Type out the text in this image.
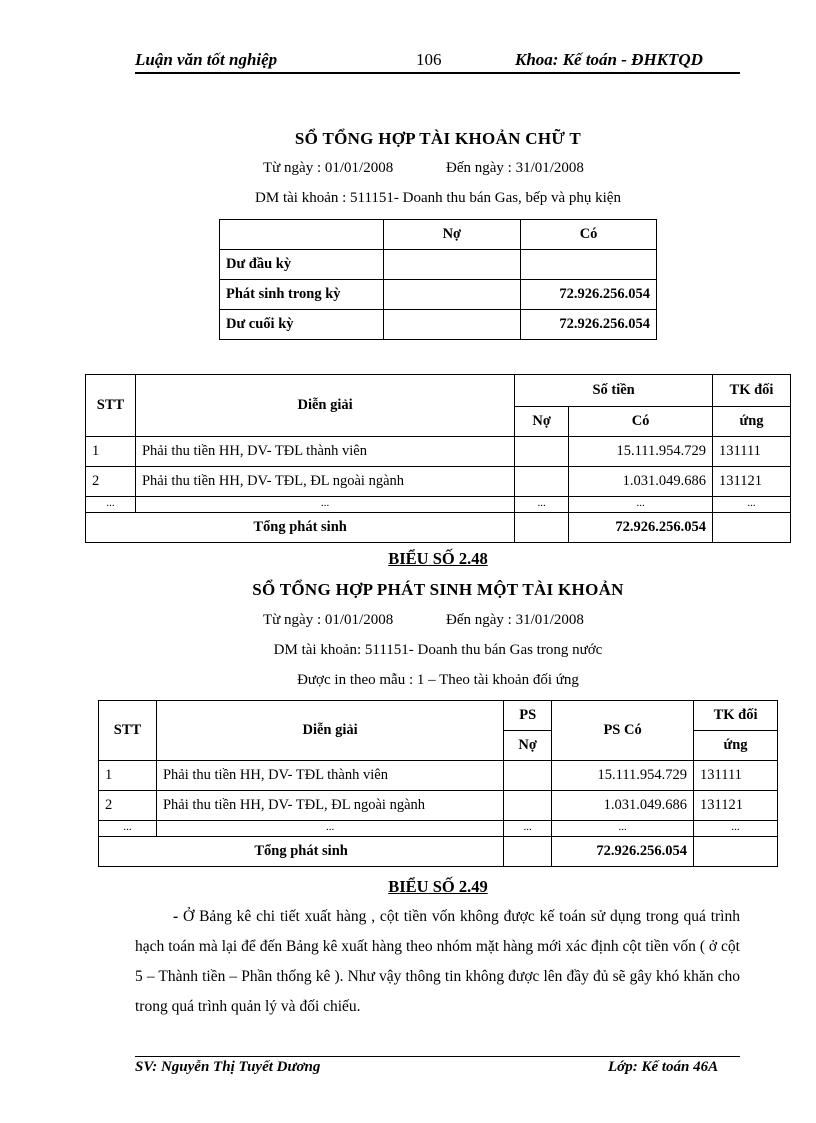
Luận văn tốt nghiệp	106	Khoa: Kế toán - ĐHKTQD
SỔ TỔNG HỢP TÀI KHOẢN CHỮ T
Từ ngày : 01/01/2008	Đến ngày : 31/01/2008
DM tài khoản : 511151- Doanh thu bán Gas, bếp và phụ kiện
	Nợ	Có
Dư đầu kỳ		
Phát sinh trong kỳ		72.926.256.054
Dư cuối kỳ		72.926.256.054
STT	Diễn giải	Số tiền		TK đối
		Nợ	Có	ứng
1	Phải thu tiền HH, DV- TĐL thành viên		15.111.954.729	131111
2	Phải thu tiền HH, DV- TĐL, ĐL ngoài ngành		1.031.049.686	131121
...	...	...	...	...
Tổng phát sinh			72.926.256.054	
BIỂU SỐ 2.48
SỔ TỔNG HỢP PHÁT SINH MỘT TÀI KHOẢN
Từ ngày : 01/01/2008	Đến ngày : 31/01/2008
DM tài khoản: 511151- Doanh thu bán Gas trong nước
Được in theo mẫu : 1 – Theo tài khoản đối ứng
STT	Diễn giải	PS	PS Có	TK đối
		Nợ		ứng
1	Phải thu tiền HH, DV- TĐL thành viên		15.111.954.729	131111
2	Phải thu tiền HH, DV- TĐL, ĐL ngoài ngành		1.031.049.686	131121
...	...	...	...	...
Tổng phát sinh			72.926.256.054	
BIỂU SỐ 2.49
- Ở Bảng kê chi tiết xuất hàng , cột tiền vốn không được kế toán sử dụng trong quá trình hạch toán mà lại để đến Bảng kê xuất hàng theo nhóm mặt hàng mới xác định cột tiền vốn ( ở cột 5 – Thành tiền – Phần thống kê ). Như vậy thông tin không được lên đầy đủ sẽ gây khó khăn cho trong quá trình quản lý và đối chiếu.
SV: Nguyễn Thị Tuyết Dương	Lớp: Kế toán 46A
